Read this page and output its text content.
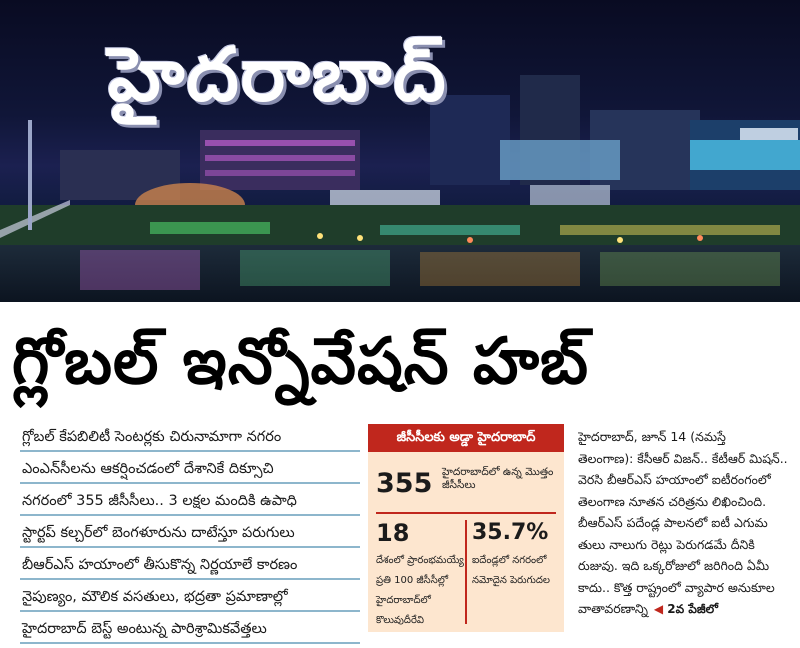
హైదరాబాద్
గ్లోబల్ ఇన్నోవేషన్ హబ్
గ్లోబల్ కేపబిలిటీ సెంటర్లకు చిరునామాగా నగరం
ఎంఎన్‌సీలను ఆకర్షించడంలో దేశానికే దిక్సూచి
నగరంలో 355 జీసీసీలు.. 3 లక్షల మందికి ఉపాధి
స్టార్టప్ కల్చర్‌లో బెంగళూరును దాటేస్తూ పరుగులు
బీఆర్‌ఎస్ హయాంలో తీసుకొన్న నిర్ణయాలే కారణం
నైపుణ్యం, మౌలిక వసతులు, భద్రతా ప్రమాణాల్లో
హైదరాబాద్ బెస్ట్ అంటున్న పారిశ్రామికవేత్తలు
జీసీసీలకు అడ్డా హైదరాబాద్
355 హైదరాబాద్‌లో ఉన్న మొత్తం జీసీసీలు
18
దేశంలో ప్రారంభమయ్యే ప్రతి 100 జీసీసీల్లో హైదరాబాద్‌లో కొలువుదీరేవి
35.7%
ఐదేండ్లలో నగరంలో నమోదైన పెరుగుదల

హైదరాబాద్, జూన్ 14 (నమస్తే

తెలంగాణ): కేసీఆర్ విజన్.. కేటీఆర్ మిషన్..

వెరసి బీఆర్‌ఎస్ హయాంలో ఐటీరంగంలో

తెలంగాణ నూతన చరిత్రను లిఖించింది.

బీఆర్‌ఎస్ పదేండ్ల పాలనలో ఐటీ ఎగుమ

తులు నాలుగు రెట్లు పెరుగడమే దీనికి

రుజువు. ఇది ఒక్కరోజులో జరిగింది ఏమీ

కాదు.. కొత్త రాష్ట్రంలో వ్యాపార అనుకూల

వాతావరణాన్ని ◀ 2వ పేజీలో
